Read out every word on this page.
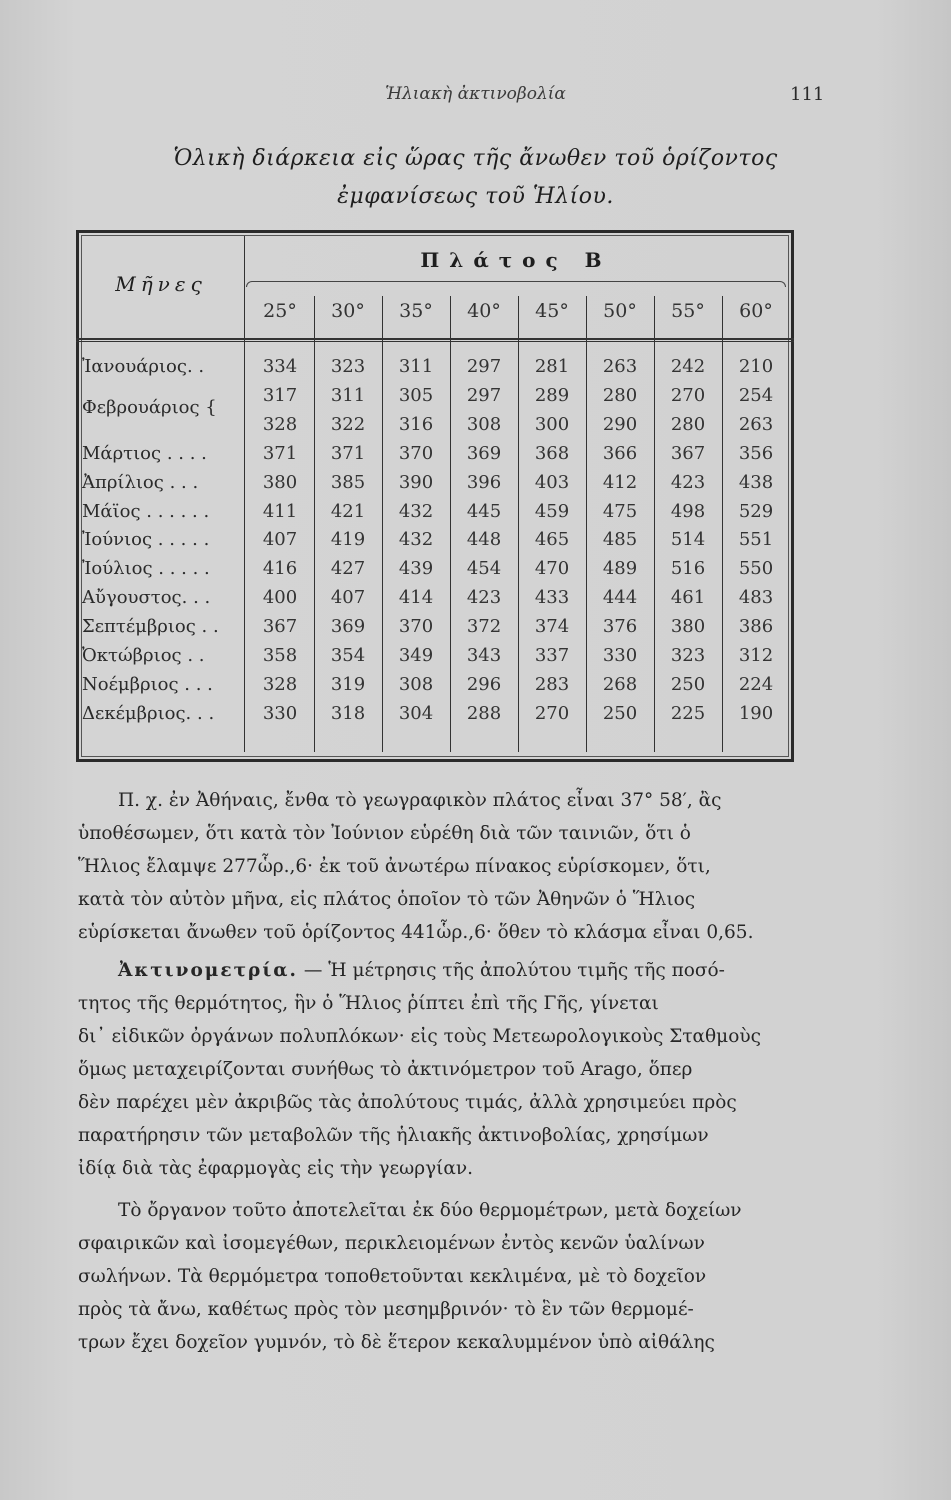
Ἡλιακὴ ἀκτινοβολία	111
Ὁλικὴ διάρκεια εἰς ὥρας τῆς ἄνωθεν τοῦ ὁρίζοντος
ἐμφανίσεως τοῦ Ἡλίου.
Μῆνες
Πλάτος Β
25°	30°	35°	40°	45°	50°	55°	60°
Ἰανουάριος. .	334	323	311	297	281	263	242	210
Φεβρουάριος {
317	311	305	297	289	280	270	254
328	322	316	308	300	290	280	263
Μάρτιος . . . .	371	371	370	369	368	366	367	356
Ἀπρίλιος . . .	380	385	390	396	403	412	423	438
Μάϊος . . . . . .	411	421	432	445	459	475	498	529
Ἰούνιος . . . . .	407	419	432	448	465	485	514	551
Ἰούλιος . . . . .	416	427	439	454	470	489	516	550
Αὔγουστος. . .	400	407	414	423	433	444	461	483
Σεπτέμβριος . .	367	369	370	372	374	376	380	386
Ὀκτώβριος . .	358	354	349	343	337	330	323	312
Νοέμβριος . . .	328	319	308	296	283	268	250	224
Δεκέμβριος. . .	330	318	304	288	270	250	225	190
Π. χ. ἐν Ἀθήναις, ἔνθα τὸ γεωγραφικὸν πλάτος εἶναι 37° 58′, ἂς
ὑποθέσωμεν, ὅτι κατὰ τὸν Ἰούνιον εὑρέθη διὰ τῶν ταινιῶν, ὅτι ὁ
Ἥλιος ἔλαμψε 277ὧρ.,6· ἐκ τοῦ ἀνωτέρω πίνακος εὑρίσκομεν, ὅτι,
κατὰ τὸν αὐτὸν μῆνα, εἰς πλάτος ὁποῖον τὸ τῶν Ἀθηνῶν ὁ Ἥλιος
εὑρίσκεται ἄνωθεν τοῦ ὁρίζοντος 441ὧρ.,6· ὅθεν τὸ κλάσμα εἶναι 0,65.
Ἀκτινομετρία. — Ἡ μέτρησις τῆς ἀπολύτου τιμῆς τῆς ποσό-
τητος τῆς θερμότητος, ἣν ὁ Ἥλιος ῥίπτει ἐπὶ τῆς Γῆς, γίνεται
δι᾿ εἰδικῶν ὀργάνων πολυπλόκων· εἰς τοὺς Μετεωρολογικοὺς Σταθμοὺς
ὅμως μεταχειρίζονται συνήθως τὸ ἀκτινόμετρον τοῦ Arago, ὅπερ
δὲν παρέχει μὲν ἀκριβῶς τὰς ἀπολύτους τιμάς, ἀλλὰ χρησιμεύει πρὸς
παρατήρησιν τῶν μεταβολῶν τῆς ἡλιακῆς ἀκτινοβολίας, χρησίμων
ἰδίᾳ διὰ τὰς ἐφαρμογὰς εἰς τὴν γεωργίαν.
Τὸ ὄργανον τοῦτο ἀποτελεῖται ἐκ δύο θερμομέτρων, μετὰ δοχείων
σφαιρικῶν καὶ ἰσομεγέθων, περικλειομένων ἐντὸς κενῶν ὑαλίνων
σωλήνων. Τὰ θερμόμετρα τοποθετοῦνται κεκλιμένα, μὲ τὸ δοχεῖον
πρὸς τὰ ἄνω, καθέτως πρὸς τὸν μεσημβρινόν· τὸ ἓν τῶν θερμομέ-
τρων ἔχει δοχεῖον γυμνόν, τὸ δὲ ἕτερον κεκαλυμμένον ὑπὸ αἰθάλης
